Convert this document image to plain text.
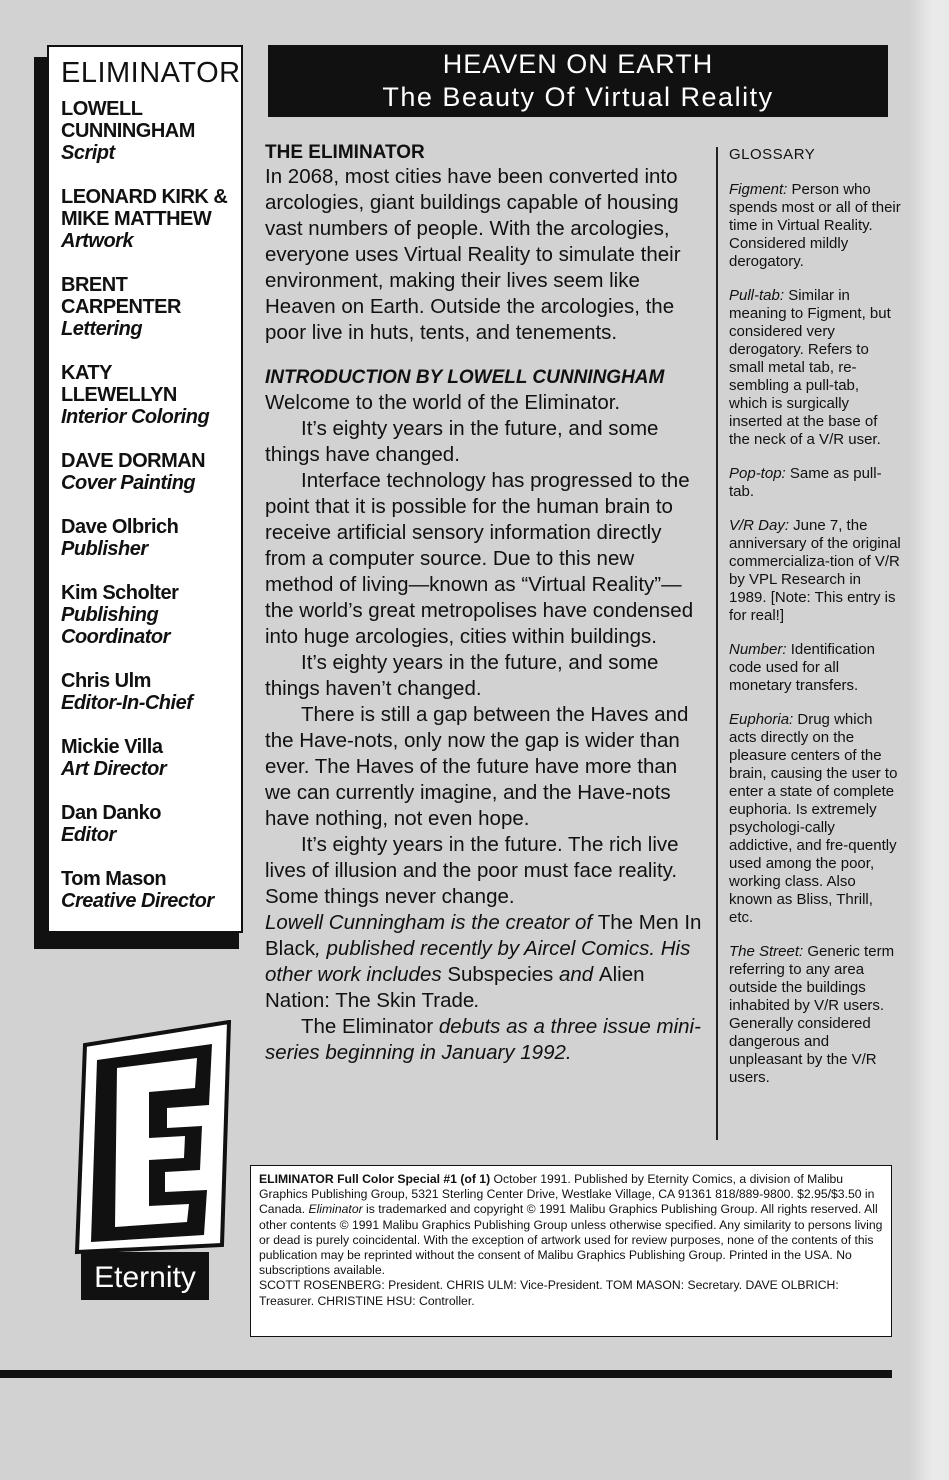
ELIMINATOR
LOWELL
CUNNINGHAM
Script
LEONARD KIRK &
MIKE MATTHEW
Artwork
BRENT
CARPENTER
Lettering
KATY
LLEWELLYN
Interior Coloring
DAVE DORMAN
Cover Painting
Dave Olbrich
Publisher
Kim Scholter
Publishing
Coordinator
Chris Ulm
Editor-In-Chief
Mickie Villa
Art Director
Dan Danko
Editor
Tom Mason
Creative Director
HEAVEN ON EARTH
The Beauty Of Virtual Reality
THE ELIMINATOR

In 2068, most cities have been converted into arcologies, giant buildings capable of housing vast numbers of people. With the arcologies, everyone uses Virtual Reality to simulate their environment, making their lives seem like Heaven on Earth. Outside the arcologies, the poor live in huts, tents, and tenements.

INTRODUCTION BY LOWELL CUNNINGHAM

Welcome to the world of the Eliminator.

It’s eighty years in the future, and some things have changed.

Interface technology has progressed to the point that it is possible for the human brain to receive artificial sensory information directly from a computer source. Due to this new method of living—known as “Virtual Reality”—the world’s great metropolises have condensed into huge arcologies, cities within buildings.

It’s eighty years in the future, and some things haven’t changed.

There is still a gap between the Haves and the Have-nots, only now the gap is wider than ever. The Haves of the future have more than we can currently imagine, and the Have-nots have nothing, not even hope.

It’s eighty years in the future. The rich live lives of illusion and the poor must face reality. Some things never change.

Lowell Cunningham is the creator of The Men In Black, published recently by Aircel Comics. His other work includes Subspecies and Alien Nation: The Skin Trade.

The Eliminator debuts as a three issue mini-series beginning in January 1992.

GLOSSARY
Figment: Person who spends most or all of their time in Virtual Reality. Considered mildly derogatory.
Pull-tab: Similar in meaning to Figment, but considered very derogatory. Refers to small metal tab, re-sembling a pull-tab, which is surgically inserted at the base of the neck of a V/R user.
Pop-top: Same as pull-tab.
V/R Day: June 7, the anniversary of the original commercializa-tion of V/R by VPL Research in 1989. [Note: This entry is for real!]
Number: Identification code used for all monetary transfers.
Euphoria: Drug which acts directly on the pleasure centers of the brain, causing the user to enter a state of complete euphoria. Is extremely psychologi-cally addictive, and fre-quently used among the poor, working class. Also known as Bliss, Thrill, etc.
The Street: Generic term referring to any area outside the buildings inhabited by V/R users. Generally considered dangerous and unpleasant by the V/R users.
Eternity

ELIMINATOR Full Color Special #1 (of 1) October 1991. Published by Eternity Comics, a division of Malibu Graphics Publishing Group, 5321 Sterling Center Drive, Westlake Village, CA 91361 818/889-9800. $2.95/$3.50 in Canada. Eliminator is trademarked and copyright © 1991 Malibu Graphics Publishing Group. All rights reserved. All other contents © 1991 Malibu Graphics Publishing Group unless otherwise specified. Any similarity to persons living or dead is purely coincidental. With the exception of artwork used for review purposes, none of the contents of this publication may be reprinted without the consent of Malibu Graphics Publishing Group. Printed in the USA. No subscriptions available.

SCOTT ROSENBERG: President. CHRIS ULM: Vice-President. TOM MASON: Secretary. DAVE OLBRICH: Treasurer. CHRISTINE HSU: Controller.
